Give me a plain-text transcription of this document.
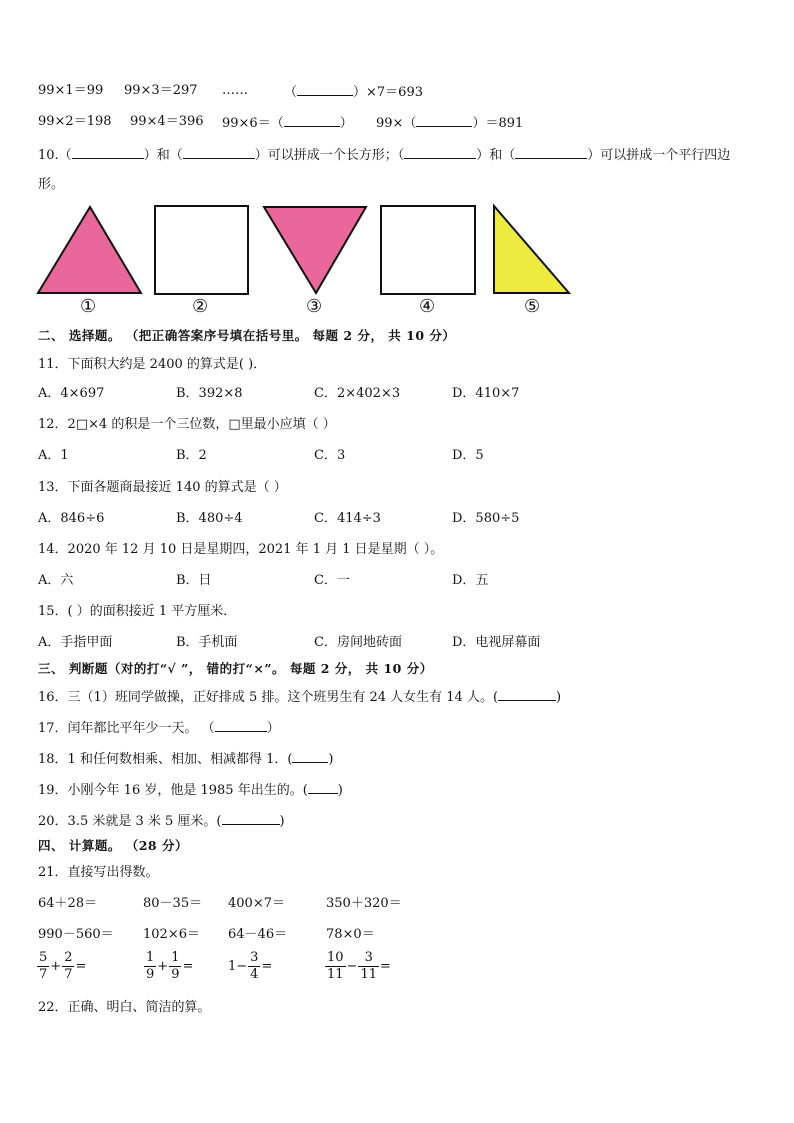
99×1＝99 99×3＝297 ……	（	）×7＝693
99×2＝198 99×4＝396 99×6＝（	） 99×（	）＝891
10.（	）和（	）可以拼成一个长方形；（	）和（	）可以拼成一个平行四边
形。
①	②	③	④	⑤
二、 选择题。 （把正确答案序号填在括号里。 每题 2 分， 共 10 分）
11．下面积大约是 2400 的算式是( )．
A．4×697	B．392×8	C．2×402×3	D．410×7
12．2□×4 的积是一个三位数，□里最小应填（ ）
A．1	B．2	C．3	D．5
13．下面各题商最接近 140 的算式是（ ）
A．846÷6	B．480÷4	C．414÷3	D．580÷5
14．2020 年 12 月 10 日是星期四，2021 年 1 月 1 日是星期（ ）。
A．六	B．日	C．一	D．五
15．( ）的面积接近 1 平方厘米．
A．手指甲面	B．手机面	C．房间地砖面	D．电视屏幕面
三、 判断题（对的打“√ ”， 错的打“×”。 每题 2 分， 共 10 分）
16．三（1）班同学做操，正好排成 5 排。这个班男生有 24 人女生有 14 人。(	)
17．闰年都比平年少一天。 （	）
18．1 和任何数相乘、相加、相减都得 1．(	)
19．小刚今年 16 岁，他是 1985 年出生的。( )
20．3.5 米就是 3 米 5 厘米。(	)
四、 计算题。 （28 分）
21．直接写出得数。
64＋28＝	80－35＝ 400×7＝	350＋320＝
990－560＝ 102×6＝ 64－46＝	78×0＝
$\frac{5}{7} + \frac{2}{7}$ =	$\frac{1}{9} + \frac{1}{9}$ =	$1- \frac{3}{4}$ =	$\frac{10}{11} - \frac{3}{11}$ =
22．正确、明白、简洁的算。
